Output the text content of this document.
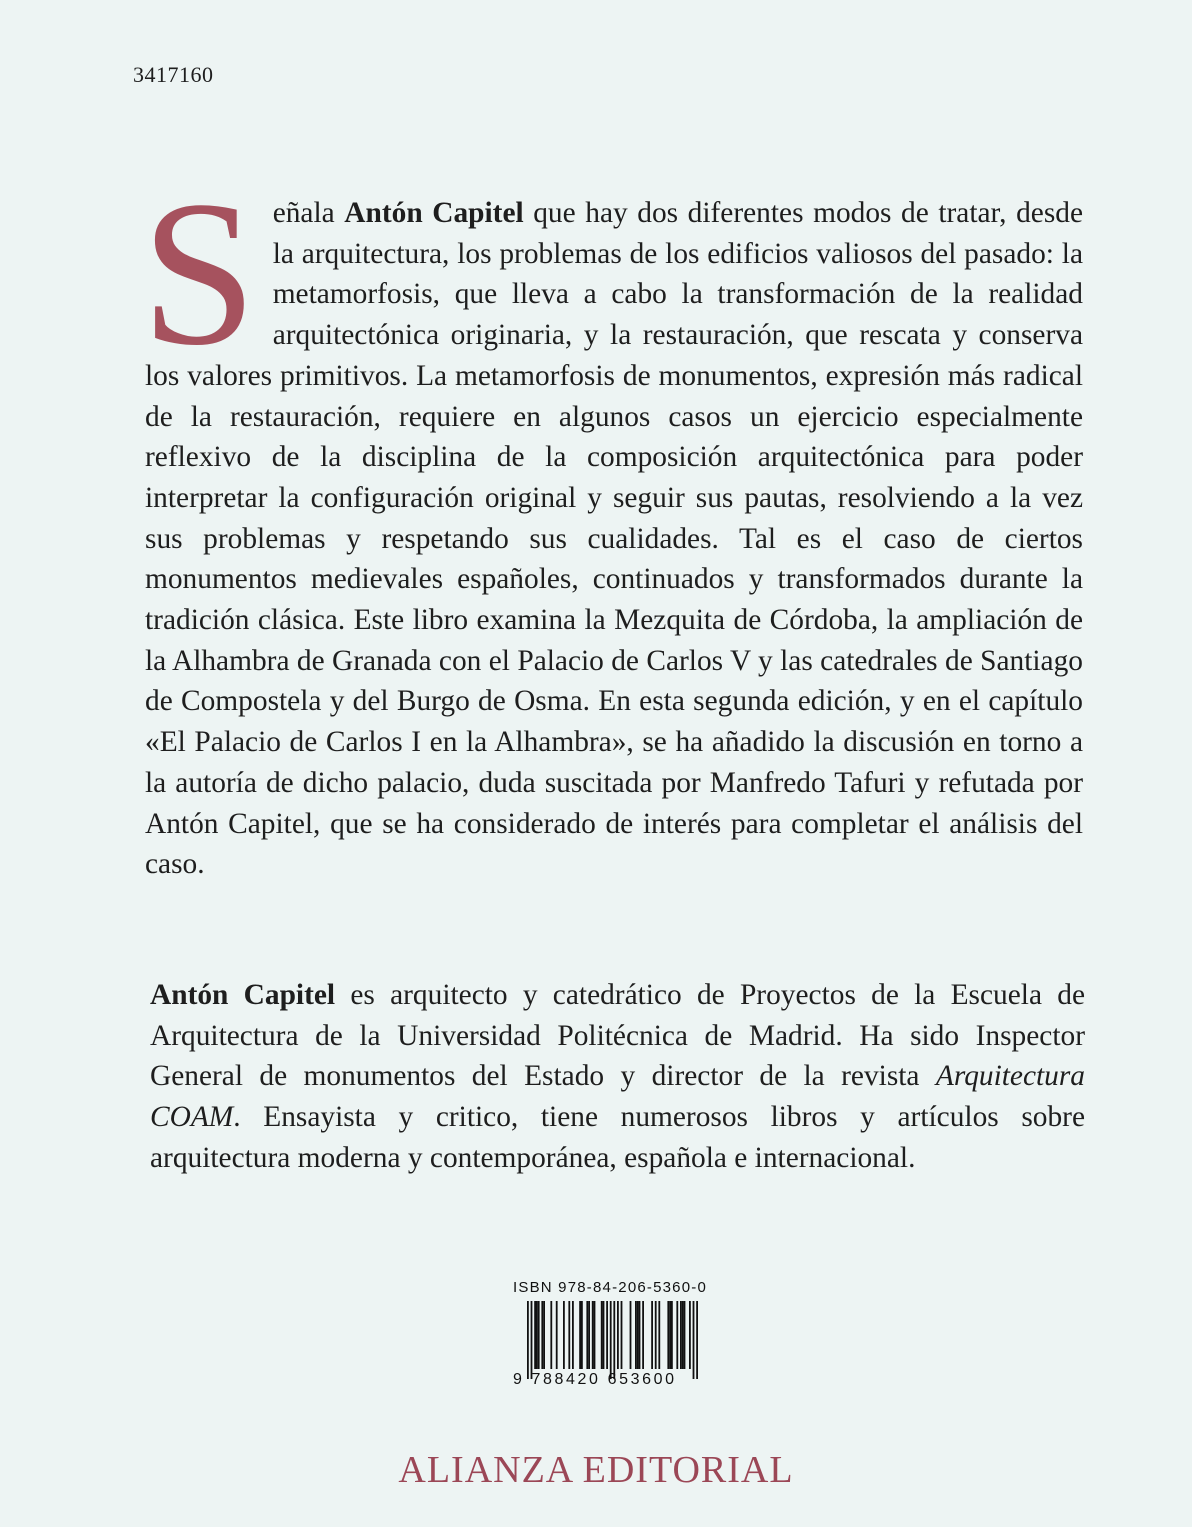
3417160

Señala Antón Capitel que hay dos diferentes modos de tratar, desde la arquitectura, los problemas de los edificios valiosos del pasado: la metamorfosis, que lleva a cabo la transformación de la realidad arquitectónica originaria, y la restauración, que rescata y conserva los valores primitivos. La metamorfosis de monumentos, expresión más radical de la restauración, requiere en algunos casos un ejercicio especialmente reflexivo de la disciplina de la composición arquitectónica para poder interpretar la configuración original y seguir sus pautas, resolviendo a la vez sus problemas y respetando sus cualidades. Tal es el caso de ciertos monumentos medievales españoles, continuados y transformados durante la tradición clásica. Este libro examina la Mezquita de Córdoba, la ampliación de la Alhambra de Granada con el Palacio de Carlos V y las catedrales de Santiago de Compostela y del Burgo de Osma. En esta segunda edición, y en el capítulo «El Palacio de Carlos I en la Alhambra», se ha añadido la discusión en torno a la autoría de dicho palacio, duda suscitada por Manfredo Tafuri y refutada por Antón Capitel, que se ha considerado de interés para completar el análisis del caso.

Antón Capitel es arquitecto y catedrático de Proyectos de la Escuela de Arquitectura de la Universidad Politécnica de Madrid. Ha sido Inspector General de monumentos del Estado y director de la revista Arquitectura COAM. Ensayista y critico, tiene numerosos libros y artículos sobre arquitectura moderna y contemporánea, española e internacional.

ISBN 978-84-206-5360-0
9 788420 653600
ALIANZA EDITORIAL
